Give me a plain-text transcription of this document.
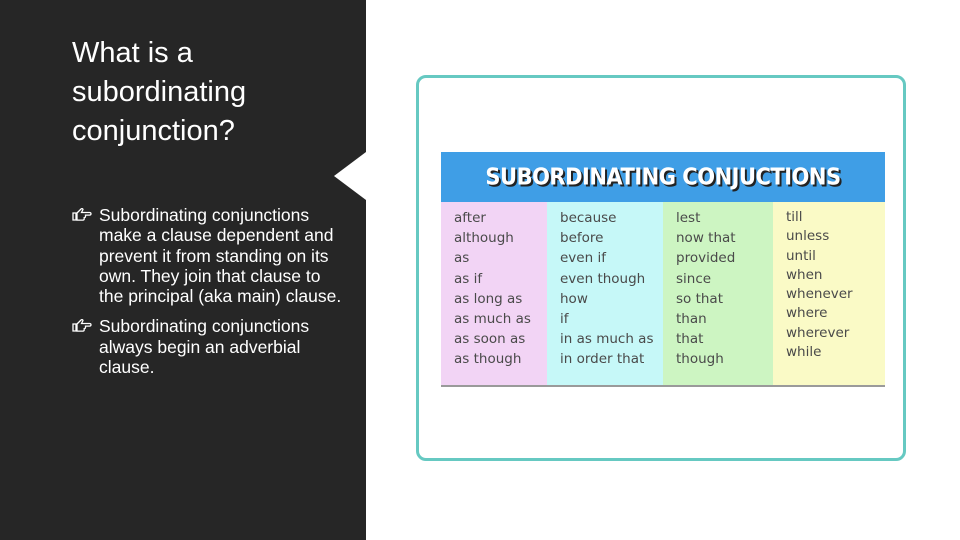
What is a subordinating conjunction?
Subordinating conjunctions make a clause dependent and prevent it from standing on its own. They join that clause to the principal (aka main) clause.
Subordinating conjunctions always begin an adverbial clause.
SUBORDINATING CONJUCTIONS
after
although
as
as if
as long as
as much as
as soon as
as though
because
before
even if
even though
how
if
in as much as
in order that
lest
now that
provided
since
so that
than
that
though
till
unless
until
when
whenever
where
wherever
while
